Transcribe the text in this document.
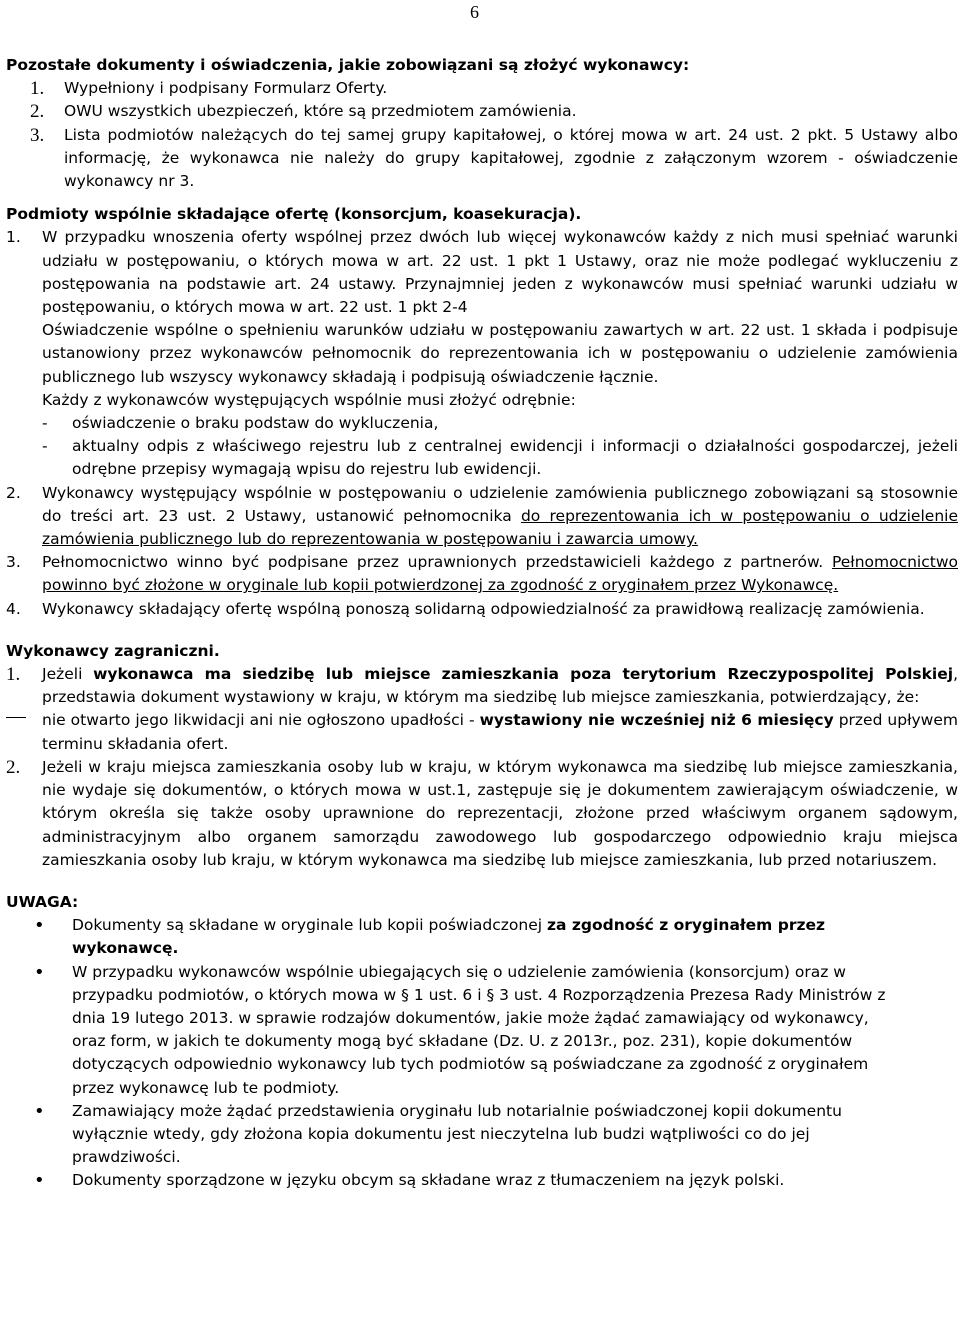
6

Pozostałe dokumenty i oświadczenia, jakie zobowiązani są złożyć wykonawcy:

1.	Wypełniony i podpisany Formularz Oferty.
2.	OWU wszystkich ubezpieczeń, które są przedmiotem zamówienia.
3.	Lista podmiotów należących do tej samej grupy kapitałowej, o której mowa w art. 24 ust. 2 pkt. 5 Ustawy albo informację, że wykonawca nie należy do grupy kapitałowej, zgodnie z załączonym wzorem - oświadczenie wykonawcy nr 3.

Podmioty wspólnie składające ofertę (konsorcjum, koasekuracja).

1.	W przypadku wnoszenia oferty wspólnej przez dwóch lub więcej wykonawców każdy z nich musi spełniać warunki udziału w postępowaniu, o których mowa w art. 22 ust. 1 pkt 1 Ustawy, oraz nie może podlegać wykluczeniu z postępowania na podstawie art. 24 ustawy. Przynajmniej jeden z wykonawców musi spełniać warunki udziału w postępowaniu, o których mowa w art. 22 ust. 1 pkt 2-4
Oświadczenie wspólne o spełnieniu warunków udziału w postępowaniu zawartych w art. 22 ust. 1 składa i podpisuje ustanowiony przez wykonawców pełnomocnik do reprezentowania ich w postępowaniu o udzielenie zamówienia publicznego lub wszyscy wykonawcy składają i podpisują oświadczenie łącznie.
Każdy z wykonawców występujących wspólnie musi złożyć odrębnie:
-	oświadczenie o braku podstaw do wykluczenia,
-	aktualny odpis z właściwego rejestru lub z centralnej ewidencji i informacji o działalności gospodarczej, jeżeli odrębne przepisy wymagają wpisu do rejestru lub ewidencji.
2.	Wykonawcy występujący wspólnie w postępowaniu o udzielenie zamówienia publicznego zobowiązani są stosownie do treści art. 23 ust. 2 Ustawy, ustanowić pełnomocnika do reprezentowania ich w postępowaniu o udzielenie zamówienia publicznego lub do reprezentowania w postępowaniu i zawarcia umowy.
3.	Pełnomocnictwo winno być podpisane przez uprawnionych przedstawicieli każdego z partnerów. Pełnomocnictwo powinno być złożone w oryginale lub kopii potwierdzonej za zgodność z oryginałem przez Wykonawcę.
4.	Wykonawcy składający ofertę wspólną ponoszą solidarną odpowiedzialność za prawidłową realizację zamówienia.

Wykonawcy zagraniczni.

1.	Jeżeli wykonawca ma siedzibę lub miejsce zamieszkania poza terytorium Rzeczypospolitej Polskiej, przedstawia dokument wystawiony w kraju, w którym ma siedzibę lub miejsce zamieszkania, potwierdzający, że:
nie otwarto jego likwidacji ani nie ogłoszono upadłości - wystawiony nie wcześniej niż 6 miesięcy przed upływem terminu składania ofert.
2.	Jeżeli w kraju miejsca zamieszkania osoby lub w kraju, w którym wykonawca ma siedzibę lub miejsce zamieszkania, nie wydaje się dokumentów, o których mowa w ust.1, zastępuje się je dokumentem zawierającym oświadczenie, w którym określa się także osoby uprawnione do reprezentacji, złożone przed właściwym organem sądowym, administracyjnym albo organem samorządu zawodowego lub gospodarczego odpowiednio kraju miejsca zamieszkania osoby lub kraju, w którym wykonawca ma siedzibę lub miejsce zamieszkania, lub przed notariuszem.

UWAGA:

•	Dokumenty są składane w oryginale lub kopii poświadczonej za zgodność z oryginałem przez wykonawcę.
•	W przypadku wykonawców wspólnie ubiegających się o udzielenie zamówienia (konsorcjum) oraz w przypadku podmiotów, o których mowa w § 1 ust. 6 i § 3 ust. 4 Rozporządzenia Prezesa Rady Ministrów z dnia 19 lutego 2013. w sprawie rodzajów dokumentów, jakie może żądać zamawiający od wykonawcy, oraz form, w jakich te dokumenty mogą być składane (Dz. U. z 2013r., poz. 231), kopie dokumentów dotyczących odpowiednio wykonawcy lub tych podmiotów są poświadczane za zgodność z oryginałem przez wykonawcę lub te podmioty.
•	Zamawiający może żądać przedstawienia oryginału lub notarialnie poświadczonej kopii dokumentu wyłącznie wtedy, gdy złożona kopia dokumentu jest nieczytelna lub budzi wątpliwości co do jej prawdziwości.
•	Dokumenty sporządzone w języku obcym są składane wraz z tłumaczeniem na język polski.
